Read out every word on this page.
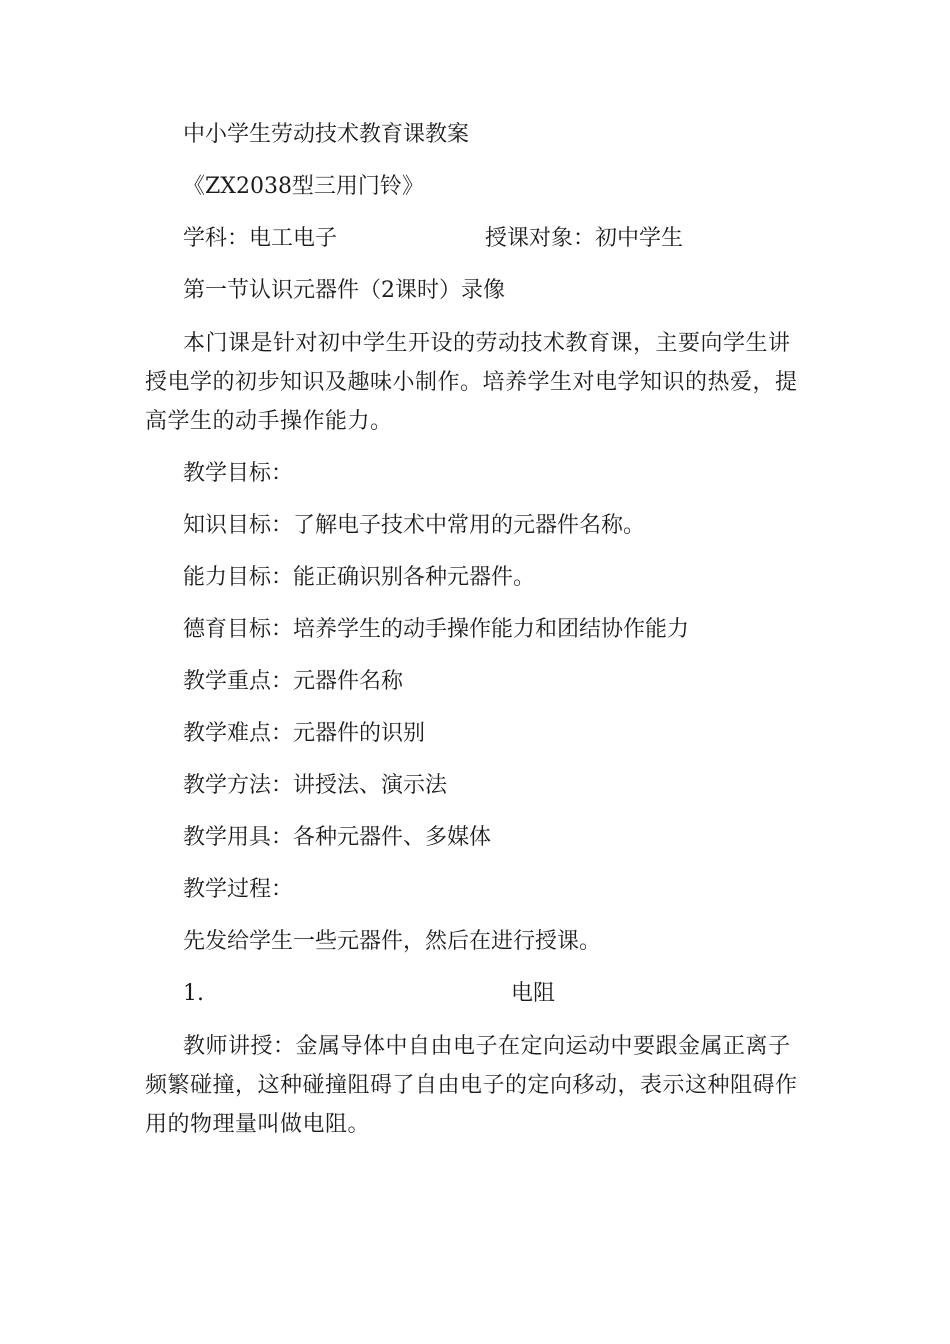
中小学生劳动技术教育课教案

《ZX2038型三用门铃》

学科：电工电子	授课对象：初中学生

第一节认识元器件（2课时）录像

本门课是针对初中学生开设的劳动技术教育课，主要向学生讲授电学的初步知识及趣味小制作。培养学生对电学知识的热爱，提高学生的动手操作能力。

教学目标：

知识目标：了解电子技术中常用的元器件名称。

能力目标：能正确识别各种元器件。

德育目标：培养学生的动手操作能力和团结协作能力

教学重点：元器件名称

教学难点：元器件的识别

教学方法：讲授法、演示法

教学用具：各种元器件、多媒体

教学过程：

先发给学生一些元器件，然后在进行授课。

1.	电阻

教师讲授：金属导体中自由电子在定向运动中要跟金属正离子频繁碰撞，这种碰撞阻碍了自由电子的定向移动，表示这种阻碍作用的物理量叫做电阻。
